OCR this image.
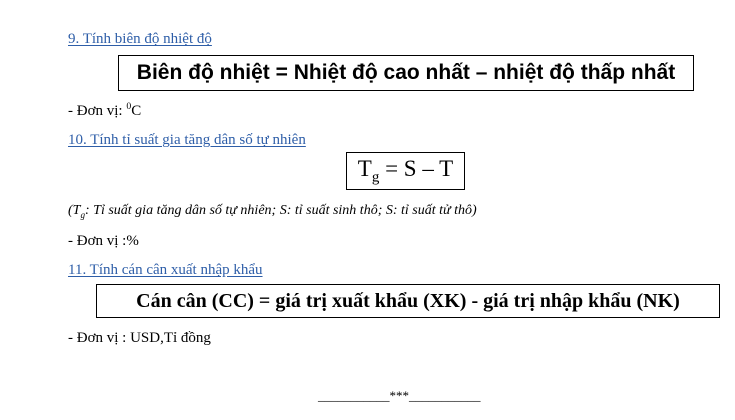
9. Tính biên độ nhiệt độ
Biên độ nhiệt = Nhiệt độ cao nhất – nhiệt độ thấp nhất
- Đơn vị: $^0$C
10. Tính tỉ suất gia tăng dân số tự nhiên
$T_g = S - T$
($T_g$: Tỉ suất gia tăng dân số tự nhiên; S: tỉ suất sinh thô; S: tỉ suất tử thô)
- Đơn vị :%
11. Tính cán cân xuất nhập khẩu
Cán cân (CC) = giá trị xuất khẩu (XK) - giá trị nhập khẩu (NK)
- Đơn vị : USD,Tỉ đồng
___________***___________
